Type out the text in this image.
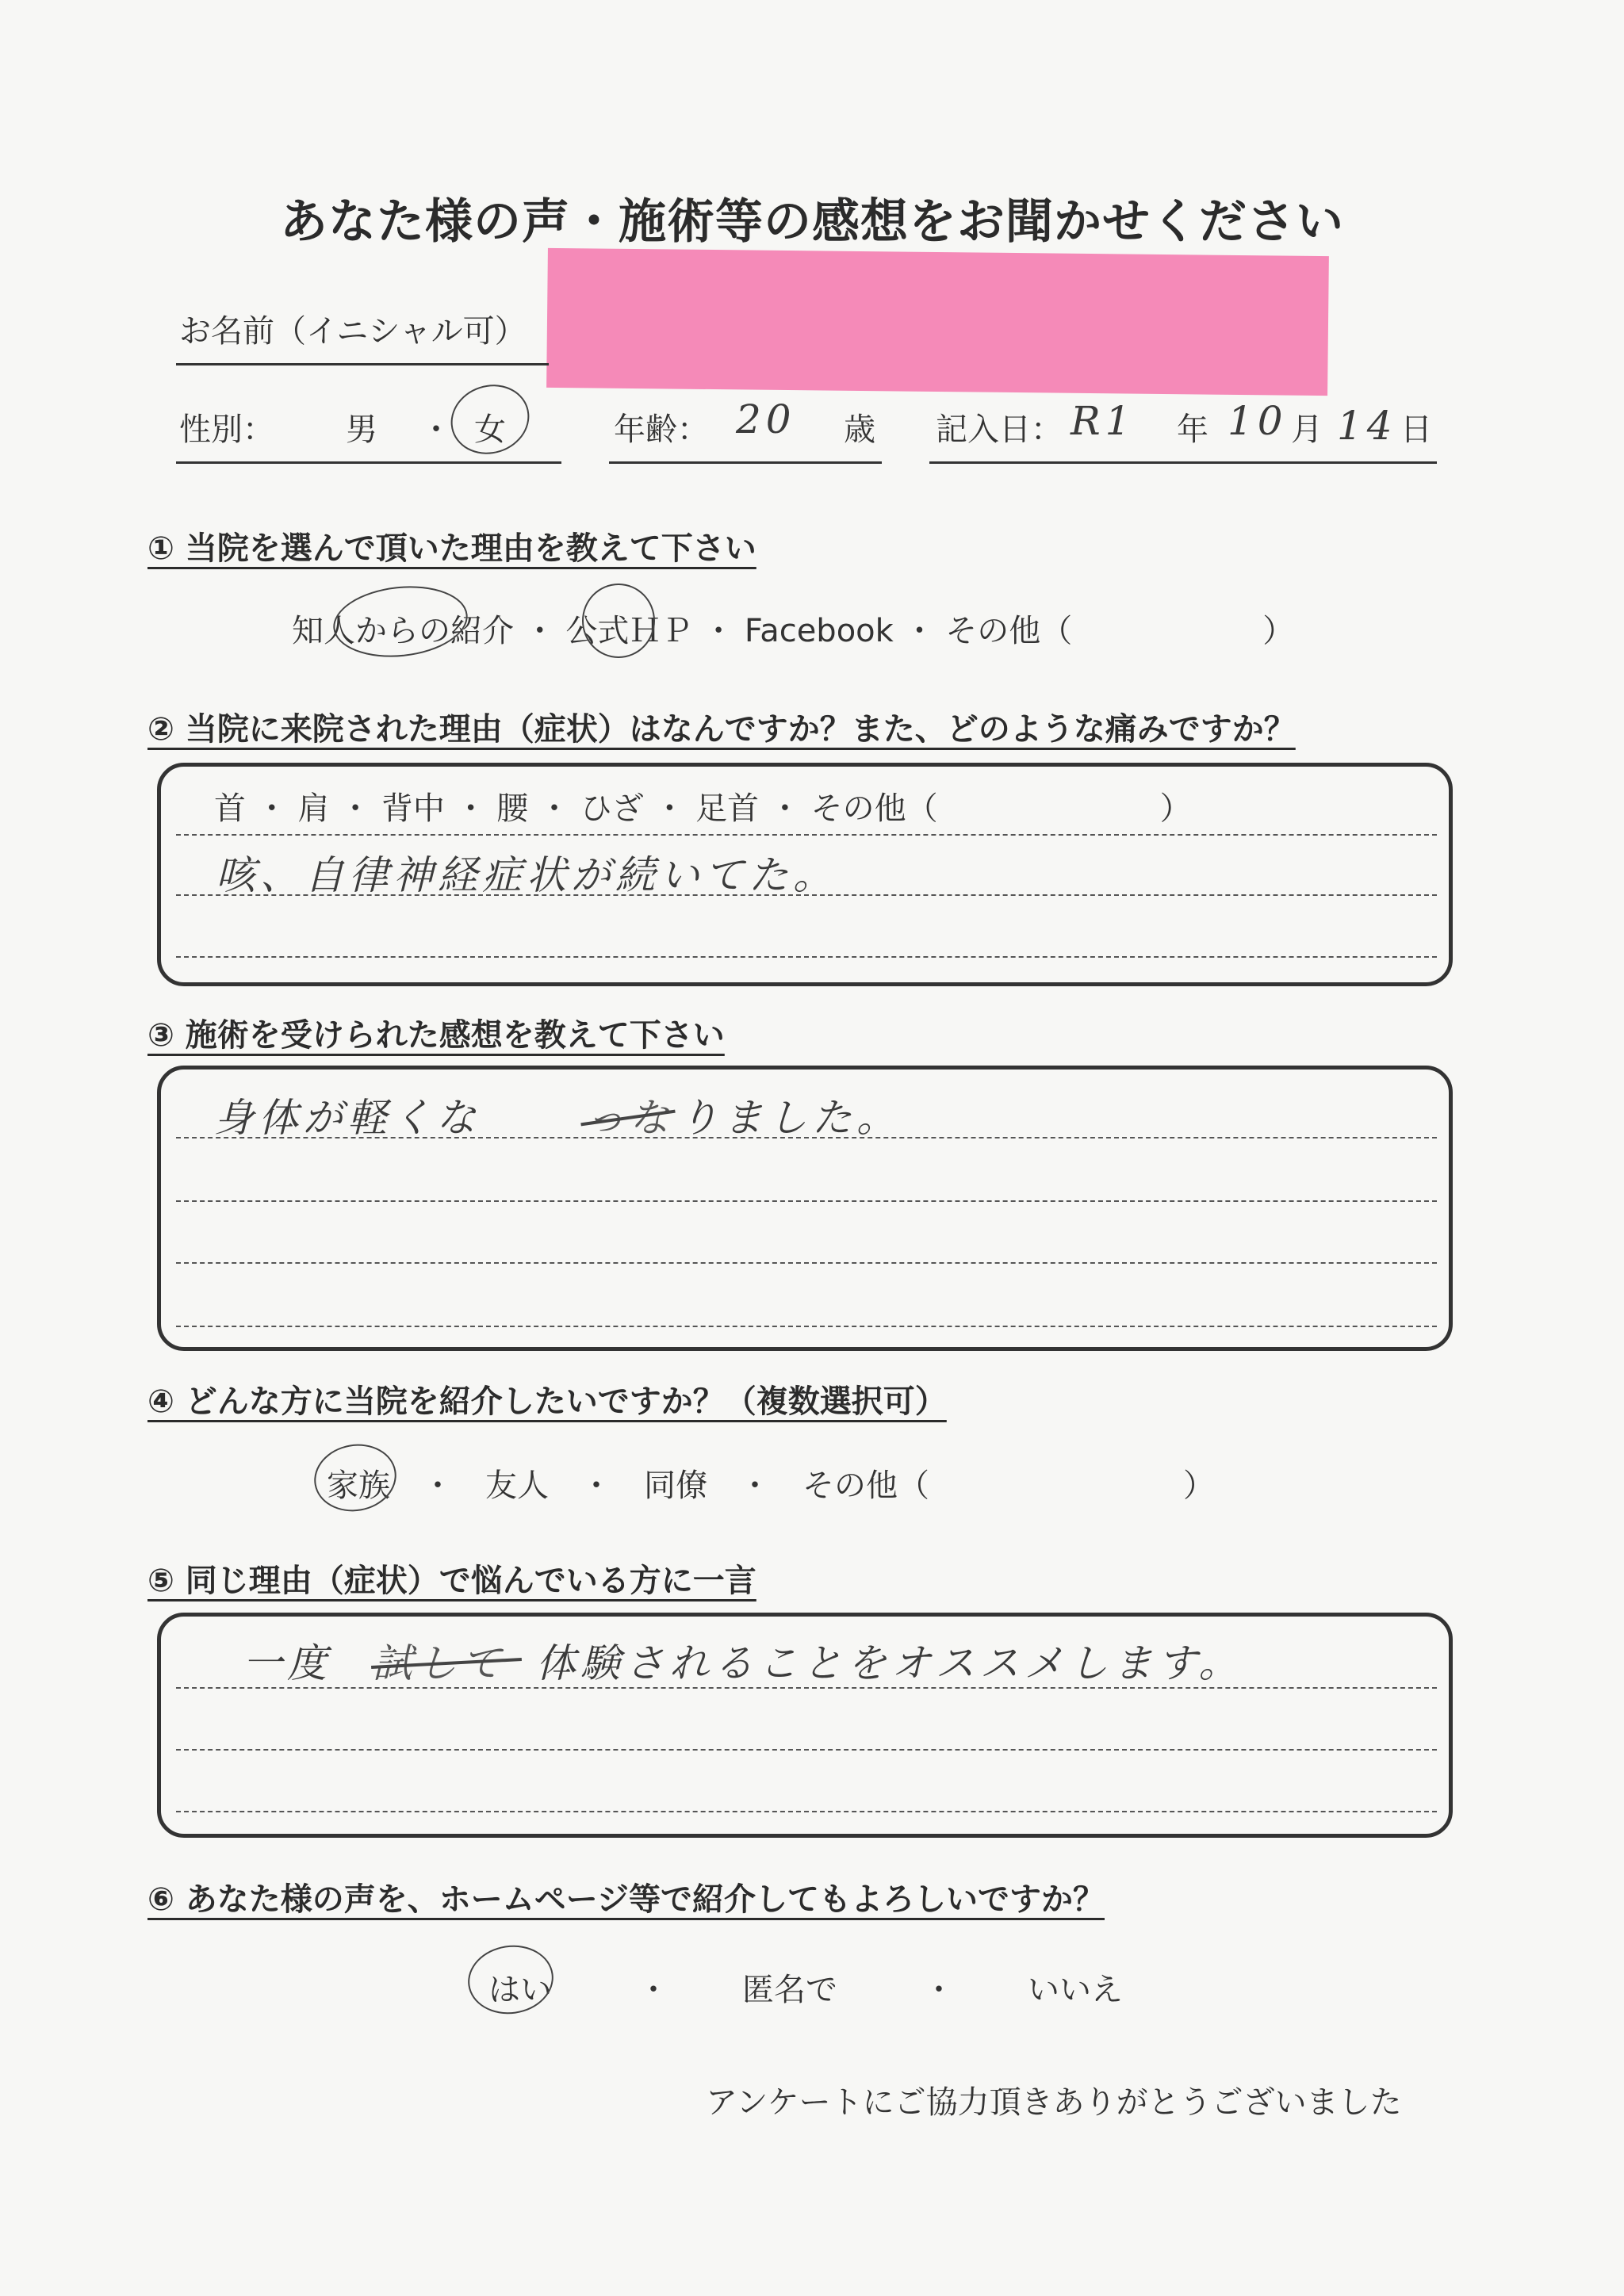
あなた様の声・施術等の感想をお聞かせください
お名前（イニシャル可）
性別： 男 ・ 女	年齢： 20 歳 記入日： R1 年 10 月 14 日
① 当院を選んで頂いた理由を教えて下さい
知人からの紹介 ・ 公式ＨＰ ・ Facebook ・ その他（　　　　　　）
② 当院に来院された理由（症状）はなんですか？また、どのような痛みですか？
首 ・ 肩 ・ 背中 ・ 腰 ・ ひざ ・ 足首 ・ その他（　　　　　　　）
咳、自律神経症状が続いてた。
③ 施術を受けられた感想を教えて下さい
身体が軽くな	っな りました。
④ どんな方に当院を紹介したいですか？（複数選択可）
家族　・　友人　・　同僚　・　その他（　　　　　　　　）
⑤ 同じ理由（症状）で悩んでいる方に一言
一度 試して 体験されることをオススメします。
⑥ あなた様の声を、ホームページ等で紹介してもよろしいですか？
はい	・ 匿名で	・ いいえ
アンケートにご協力頂きありがとうございました
